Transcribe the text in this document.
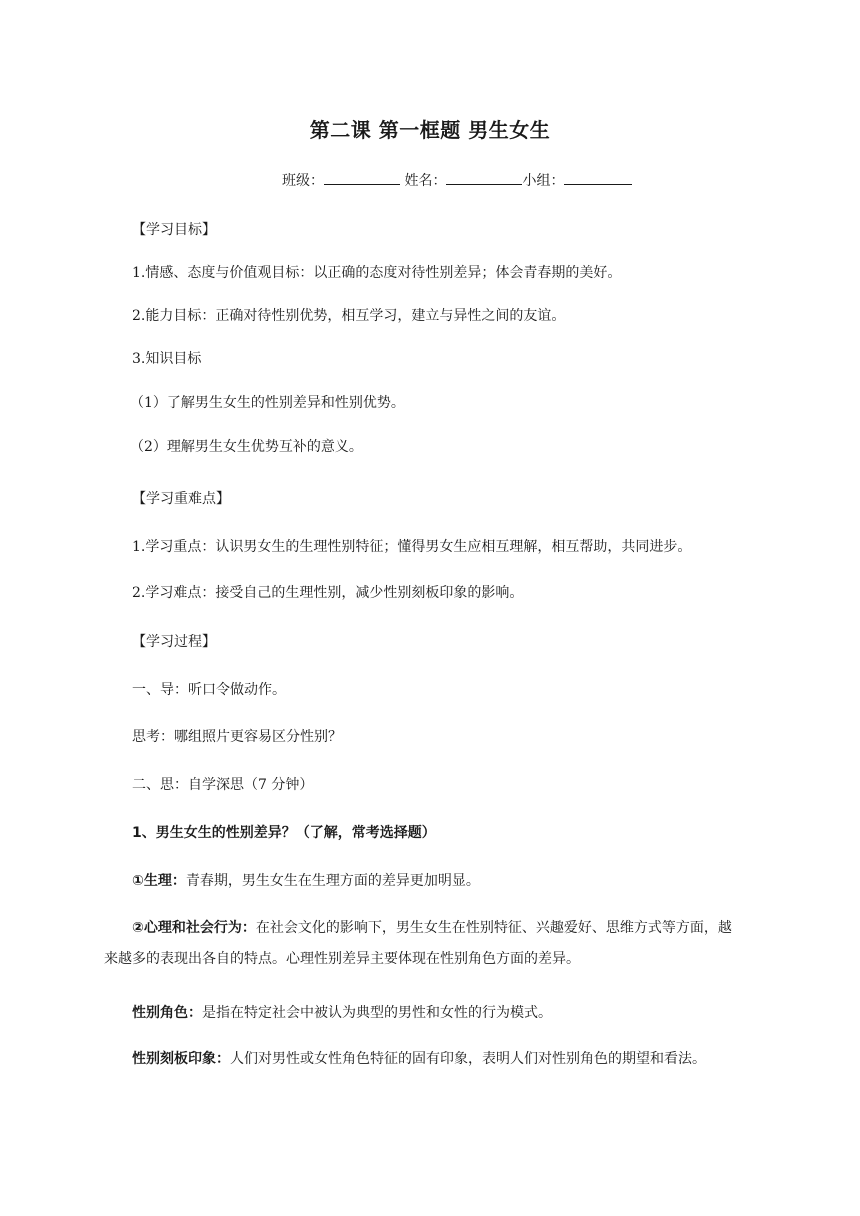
第二课 第一框题 男生女生
班级：	姓名：	小组：
【学习目标】
1.情感、态度与价值观目标：以正确的态度对待性别差异；体会青春期的美好。
2.能力目标：正确对待性别优势，相互学习，建立与异性之间的友谊。
3.知识目标
（1）了解男生女生的性别差异和性别优势。
（2）理解男生女生优势互补的意义。
【学习重难点】
1.学习重点：认识男女生的生理性别特征；懂得男女生应相互理解，相互帮助，共同进步。
2.学习难点：接受自己的生理性别，减少性别刻板印象的影响。
【学习过程】
一、导：听口令做动作。
思考：哪组照片更容易区分性别？
二、思：自学深思（7 分钟）
1、男生女生的性别差异？（了解，常考选择题）
①生理：青春期，男生女生在生理方面的差异更加明显。
②心理和社会行为：在社会文化的影响下，男生女生在性别特征、兴趣爱好、思维方式等方面，越来越多的表现出各自的特点。心理性别差异主要体现在性别角色方面的差异。
性别角色：是指在特定社会中被认为典型的男性和女性的行为模式。
性别刻板印象：人们对男性或女性角色特征的固有印象，表明人们对性别角色的期望和看法。
